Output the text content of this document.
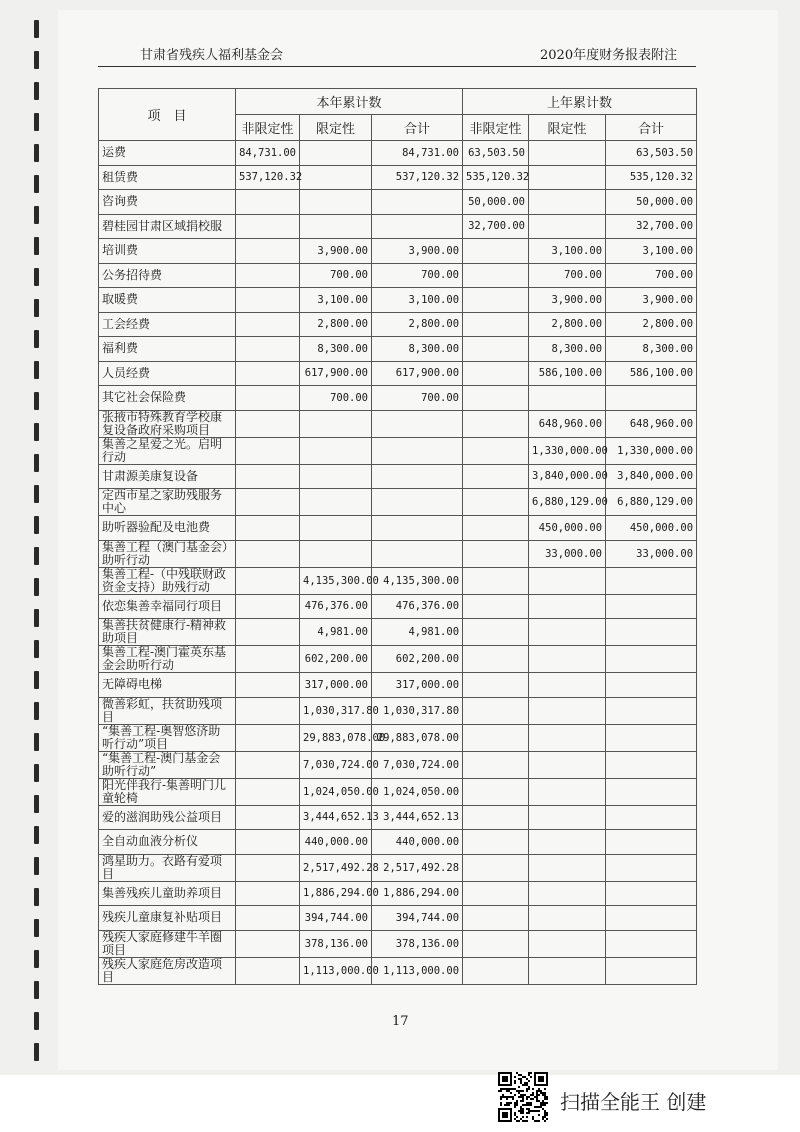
甘肃省残疾人福利基金会	2020年度财务报表附注
项　目	本年累计数			上年累计数		
	非限定性	限定性	合计	非限定性	限定性	合计
运费	84,731.00		84,731.00	63,503.50		63,503.50
租赁费	537,120.32		537,120.32	535,120.32		535,120.32
咨询费				50,000.00		50,000.00
碧桂园甘肃区域捐校服				32,700.00		32,700.00
培训费		3,900.00	3,900.00		3,100.00	3,100.00
公务招待费		700.00	700.00		700.00	700.00
取暖费		3,100.00	3,100.00		3,900.00	3,900.00
工会经费		2,800.00	2,800.00		2,800.00	2,800.00
福利费		8,300.00	8,300.00		8,300.00	8,300.00
人员经费		617,900.00	617,900.00		586,100.00	586,100.00
其它社会保险费		700.00	700.00			
张掖市特殊教育学校康复设备政府采购项目					648,960.00	648,960.00
集善之星爱之光。启明行动					1,330,000.00	1,330,000.00
甘肃源美康复设备					3,840,000.00	3,840,000.00
定西市星之家助残服务中心					6,880,129.00	6,880,129.00
助听器验配及电池费					450,000.00	450,000.00
集善工程（澳门基金会）助听行动					33,000.00	33,000.00
集善工程-（中残联财政资金支持）助残行动		4,135,300.00	4,135,300.00			
依恋集善幸福同行项目		476,376.00	476,376.00			
集善扶贫健康行-精神救助项目		4,981.00	4,981.00			
集善工程-澳门霍英东基金会助听行动		602,200.00	602,200.00			
无障碍电梯		317,000.00	317,000.00			
微善彩虹，扶贫助残项目		1,030,317.80	1,030,317.80			
“集善工程-奥智悠济助听行动”项目		29,883,078.00	29,883,078.00			
“集善工程-澳门基金会助听行动”		7,030,724.00	7,030,724.00			
阳光伴我行-集善明门儿童轮椅		1,024,050.00	1,024,050.00			
爱的滋润助残公益项目		3,444,652.13	3,444,652.13			
全自动血液分析仪		440,000.00	440,000.00			
鸿星助力。衣路有爱项目		2,517,492.28	2,517,492.28			
集善残疾儿童助养项目		1,886,294.00	1,886,294.00			
残疾儿童康复补贴项目		394,744.00	394,744.00			
残疾人家庭修建牛羊圈项目		378,136.00	378,136.00			
残疾人家庭危房改造项目		1,113,000.00	1,113,000.00			
17
扫描全能王 创建
